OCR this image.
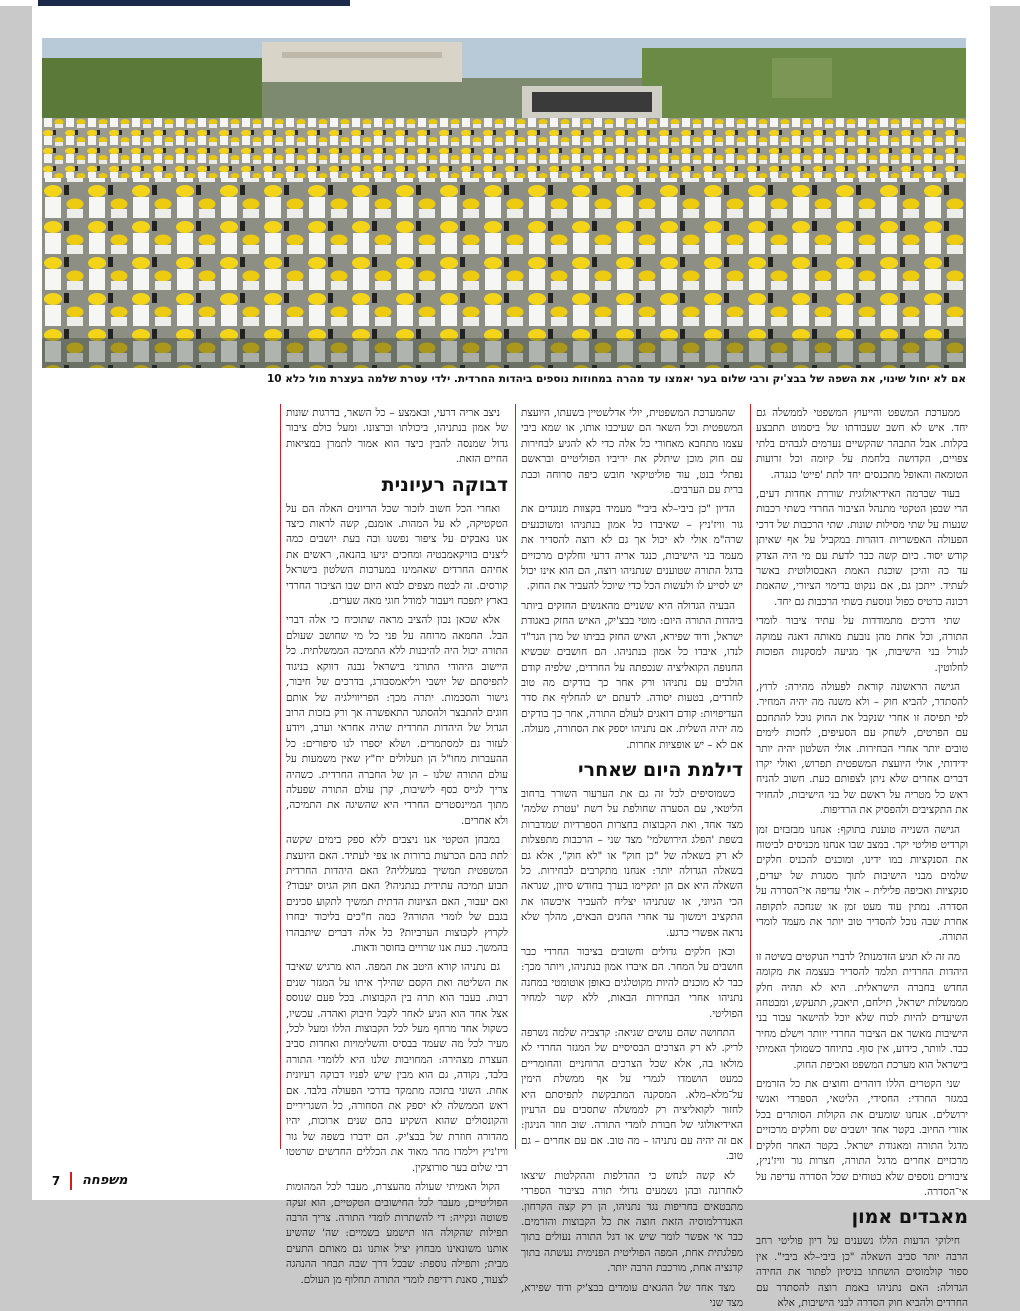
צילום: דניאל נפשי
אם לא יחול שינוי, את השפה של בבצ'יק ורבי שלום בער יאמצו עד מהרה במחוזות נוספים ביהדות החרדית. ילדי עטרת שלמה בעצרת מול כלא 10

ממערכת המשפט והייעוץ המשפטי לממשלה גם יחד. איש לא חשב שעבודתו של ביסמוט תתבצע בקלות. אבל התבהר שהקשיים נערמים לגבהים בלתי צפויים, הקדושה בלחמת על קיומה וכל זרועות הטומאה והאופל מתכנסים יחד לתת 'פייט' כנגדה.

בעוד שברמה האידיאולוגית שוררת אחדות דעים, הרי שבפן הטקטי מתנהל הציבור החרדי בשתי רכבות שנעות על שתי מסילות שונות. שתי הרכבות של דרכי הפעולה האפשריות דוהרות במקביל על אף שאיתן קודש יסוד. כיום קשה כבר לדעת עם מי היה הצדק עד כה והיכן שוכנת האמת האבסולוטית באשר לעתיד. ייתכן גם, אם ננקוט בדימוי הציורי, שהאמת רכונה כרטיס כפול ונוסעת בשתי הרכבות גם יחד.

שתי דרכים מתמודדות על עתיד ציבור לומדי התורה, וכל אחת מהן נובעת מאותה דאגה עמוקה לגורל בני הישיבות, אך מגיעה למסקנות הפוכות לחלוטין.

הגישה הראשונה קוראת לפעולה מהירה: לרוץ, להסתדר, להביא חוק – ולא משנה מה יהיה המחיר. לפי תפיסה זו אחרי שנקבל את החוק נוכל להתחכם עם הפרטים, לשחק עם הסעיפים, לחכות לימים טובים יותר אחרי הבחירות. אולי השלטון יהיה יותר ידידותי, אולי היועצת המשפטית תפרוש, ואולי יקרו דברים אחרים שלא ניתן לצפותם כעת. חשוב להניח ראש כל מטריה על ראשם של בני הישיבות, להחזיר את התקציבים ולהפסיק את הרדיפות.

הגישה השנייה טוענת בתוקף: אנחנו מבזבזים זמן וקרדיט פוליטי יקר. במצב שבו אנחנו מכניסים לביטוח את הסנקציות במו ידינו, ומוכנים להכניס חלקים שלמים מבני הישיבות לתוך מסגרת של יעדים, סנקציות ואכיפה פלילית – אולי עדיפה אי־הסדרה על הסדרה. נמתין עוד מעט זמן או שנחכה לתקופה אחרת שבה נוכל להסדיר טוב יותר את מעמד לומדי התורה.

מה זה לא תגיע הזדמנות? לדברי הנוקטים בשיטה זו היהדות החרדית תלמד להסדיר בעצמה את מקומה החדש בחברה הישראלית. היא לא תהיה חלק מממשלות ישראל, תילחם, תיאבק, תתעקש, ומבטחה השיעדים להיות לכוח שלא יוכל להישאר עבור בני הישיבות מאשר אם הציבור החרדי יוותר וישלם מחיר כבד. לוותר, כידוע, אין סוף. בתיוחד כשמולך האמיתי בישראל הוא מערכת המשפט ואכיפת החוק.

שני הקטרים הללו דוהרים וחוצים את כל הזרמים במגזר החרדי: החסידי, הליטאי, הספרדי ואנשי ירושלים. אנחנו שומעים את הקולות הסותרים בכל אזורי החיוב. בקטר אחד יושבים שס וחלקים מרכזיים מדגל התורה ומאגודת ישראל. בקטר האחר חלקים מרכזיים אחרים מדגל התורה, חצרות גור וויז'ניץ, ציבורים נוספים שלא בטוחים שכל הסדרה עדיפה על אי־הסדרה.

מאבדים אמון

חילוקי הדעות הללו נשענים על דיון פוליטי רחב הרבה יותר סביב השאלה "כן ביבי–לא ביבי". אין ספור קולמוסים הושחתו בניסיון לפתור את החידה הגדולה: האם נתניהו באמת רוצה להסתדר עם החרדים ולהביא חוק הסדרה לבני הישיבות, אלא

שהמערכת המשפטית, יולי אדלשטיין בשעתו, היועצת המשפטית וכל השאר הם שעיכבו אותו, או שמא ביבי עצמו מתחבא מאחורי כל אלה כדי לא להגיע לבחירות עם חוק מוכן שיתלק את יריביו הפוליטיים ובראשם נפתלי בנט, עוד פוליטיקאי חובש כיפה סרוחה וכבת ברית עם הערבים.

הדיון "כן ביבי–לא ביבי" מעמיד בקצוות מנוגדים את גור וויז'ניץ – שאיבדו כל אמון בנתניהו ומשוכנעים שרה"מ אולי לא יכול אך גם לא רוצה להסדיר את מעמד בני הישיבות, כנגד אריה דרעי וחלקים מרכזיים בדגל התורה שטוענים שנתניהו רוצה, הם הוא אינו יכול יש לסייע לו ולעשות הכל כדי שיוכל להעביר את החוק.

הבעיה הגדולה היא ששניים מהאנשים החזקים ביותר ביהדות התורה היום: מוטי בבצ'יק, האיש החזק באגודת ישראל, ודוד שפירא, האיש החזק בביתו של מרן הגר"ד לנדו, איבדו כל אמון בנתניהו. הם חושבים שבשיא החנופה הקואליציה שנכפתה על החרדים, שלפיה קודם הולכים עם נתניהו ורק אחר כך בודקים מה טוב לחרדים, בטעות יסודה. לדעתם יש להחליף את סדר העדיפויות: קודם דואגים לעולם התורה, אחר כך בודקים מה יהיה השלית. אם נתניהו יספק את הסחורה, מעולה. אם לא – יש אופציות אחרות.

דילמת היום שאחרי

כשמוסיפים לכל זה גם את הערעור השורר ברחוב הליטאי, עם הסערה שחולפת על רשת 'עטרת שלמה' מצד אחד, ואת הקבוצות בחצרות הספרדיות שמדברות בשפת 'הפלג הירושלמי' מצד שני – הרכבות מתפצלות לא רק בשאלה של "כן חוק" או "לא חוק", אלא גם בשאלה הגדולה יותר: אנחנו מתקרבים לבחירות. כל השאלה היא אם הן יתקיימו בערך בחודש סיוון, שנראה הכי הגיוני, או שנתניהו יצליח להעביר איכשהו את התקציב וימשוך עד אחרי החגים הבאים, מהלך שלא נראה אפשרי כרגע.

וכאן חלקים גדולים וחשובים בציבור החרדי כבר חושבים על המחר. הם איבדו אמון בנתניהו, ויותר מכך: כבר לא מוכנים להיות מקוטלגים באופן אוטומטי במחנה נתניהו אחרי הבחירות הבאות, ללא קשר למחיר הפוליטי.

התחושה שהם עושים שגיאה: קדצביה שלמה נשרפה לריק. לא רק הצרכים הבסיסיים של המגזר החרדי לא מולאו בה, אלא שכל הצרכים הרוחניים והחומריים כמעט הושמדו לגמרי על אף ממשלת הימין על־מלא–מלא. המסקנה המתבקשת לתפיסתם היא לחזור לקואליציה רק לממשלה שתסכים עם הרעיון האידיאולוגי של חבורת לומדי התורה. שוב חוזר הניגון: אם זה יהיה עם נתניהו – מה טוב. אם עם אחרים – גם טוב.

לא קשה לנחש כי ההדלפות וההקלטות שיצאו לאחרונה ובהן נשמעים גדולי תורה בציבור הספרדי מתבטאים בחריפות נגד נתניהו, הן רק קצה הקרחון. האנדרלמוסיה הזאת חוצה את כל הקבוצות והזרמים. כבר אי אפשר לומר שיש או דגל התורה נעולים בתוך מפלגתית אחת, המפה הפוליטית הפנימית נעשתה בתוך קדנציה אחת, מורכבת הרבה יותר.

מצד אחד של ההגאים עומדים בבצ'יק ודוד שפירא, מצד שני

ניצב אריה דרעי, ובאמצע – כל השאר, בדרגות שונות של אמון בנתניהו, ביכולתו וברצונו. ומעל כולם ציבור גדול שמנסה להבין כיצד הוא אמור לתמרן במציאות החיים הזאת.

דבוקה רעיונית

ואחרי הכל חשוב לזכור שכל הדיונים האלה הם על הטקטיקה, לא על המהות. אומנם, קשה לראות כיצד אנו נאבקים על ציפור נפשנו ובה בעת יושבים כמה ליצנים בוויקאמבטיה ומחכים יגיעו בהנאה, ראשים את אחיהם החרדים שאהמינו במערכות השלטון בישראל קורסים. זה לבטח מצפים לבוא היום שבו הציבור החרדי בארץ יתפכח ויעבור למודל חוגי מאה שערים.

אלא שכאן נכון להציב מראה שתוכיח כי אלה דברי הבל. החמאה מרוחה על פני כל מי שחושב שעולם התורה יכול היה להיבנות ללא התמיכה הממשלתית. כל היישוב היהודי התורני בישראל נבנה דווקא בניגוד לתפיסתם של יושבי ויליאמסבורג, בדרכים של חיבור, גישור והסכמות. יתרה מכך: הפריווילגיה של אותם חוגים להתבצר ולהסתגר התאפשרה אך ורק בזכות הרוב הגדול של היהדות החרדית שהיה אחראי וערב, ויודע לעזור גם למסתמרים. ושלא יספרו לנו סיפורים: כל ההעברות מחו"ל הן תעלולים יח"ץ שאין משמעות על עולם התורה שלנו – הן של החברה החרדית. כשהיה צריך לגייס כסף לישיבות, קרן עולם התורה שפעלה מתוך המיינסטרים החרדי היא שהשיגה את התמיכה, ולא אחרים.

במבחן הטקטי אנו ניצבים ללא ספק בימים שקשה לתת בהם הכרעות ברורות או צפי לעתיד. האם היועצת המשפטית תמשיך במעלליה? האם היהדות החרדית תבוע תמיכה עתידית בנתניהו? האם חוק הגיוס יעבור? ואם יעבור, האם הציונות הדתית תמשיך לתקוע סכינים בגבם של לומדי התורה? כמה ח"כים בליכוד יבחרו לקרוץ לקבוצות הערביות? כל אלה דברים שיתבהרו בהמשך. כעת אנו שרויים בחוסר ודאות.

גם נתניהו קורא היטב את המפה. הוא מרגיש שאיבד את השליטה ואת הקסם שהילך איתו על המגזר שנים רבות. בעבר הוא תרה בין הקבוצות. בכל פעם שנוסס אצל אחד הוא הגיע לאחר לקבל חיבוק ואהדה. עכשיו, כשקול אחד מרחף מעל לכל הקבוצות הללו ומעל לכל, מעיר לכל מה שעמד בבסיס והשלימויות ואחדות סביב העצרת מצהירה: המחויבות שלנו היא ללומדי התורה בלבד, נקודה, גם הוא מבין שיש לפניו דבוקה רעיונית אחת. השוני בתוכה מתמקד בדרכי הפעולה בלבד. אם ראש הממשלה לא יספק את הסחורה, כל השגריריים והקונסולים שהוא השקיע בהם שנים ארוכות, יהיו מהדורה חוזרת של בבצ'יק. הם ידברו בשפה של גור וויז'ניץ וילמדו מהר מאוד את הכללים החדשים שרטטו רבי שלום בער סורוצקין.

הקול האמיתי שעולה מהעצרת, מעבר לכל המהומות הפוליטיים, מעבר לכל החישובים הטקטיים, הוא זעקה פשוטה ונקייה: די להשתרות לומדי התורה. צריך הרבה תפילות שהקולה הזו תישמע בשמיים: שה' שהשיע אותנו משונאינו מבחוץ יציל אותנו גם מאותם התעים מבית; ותפילה נוספת: שבכל דרך שבה תבחר ההנהגה לצעוד, סאנת רדיפת לומדי התורה תחלוף מן העולם.

7	משפחה
